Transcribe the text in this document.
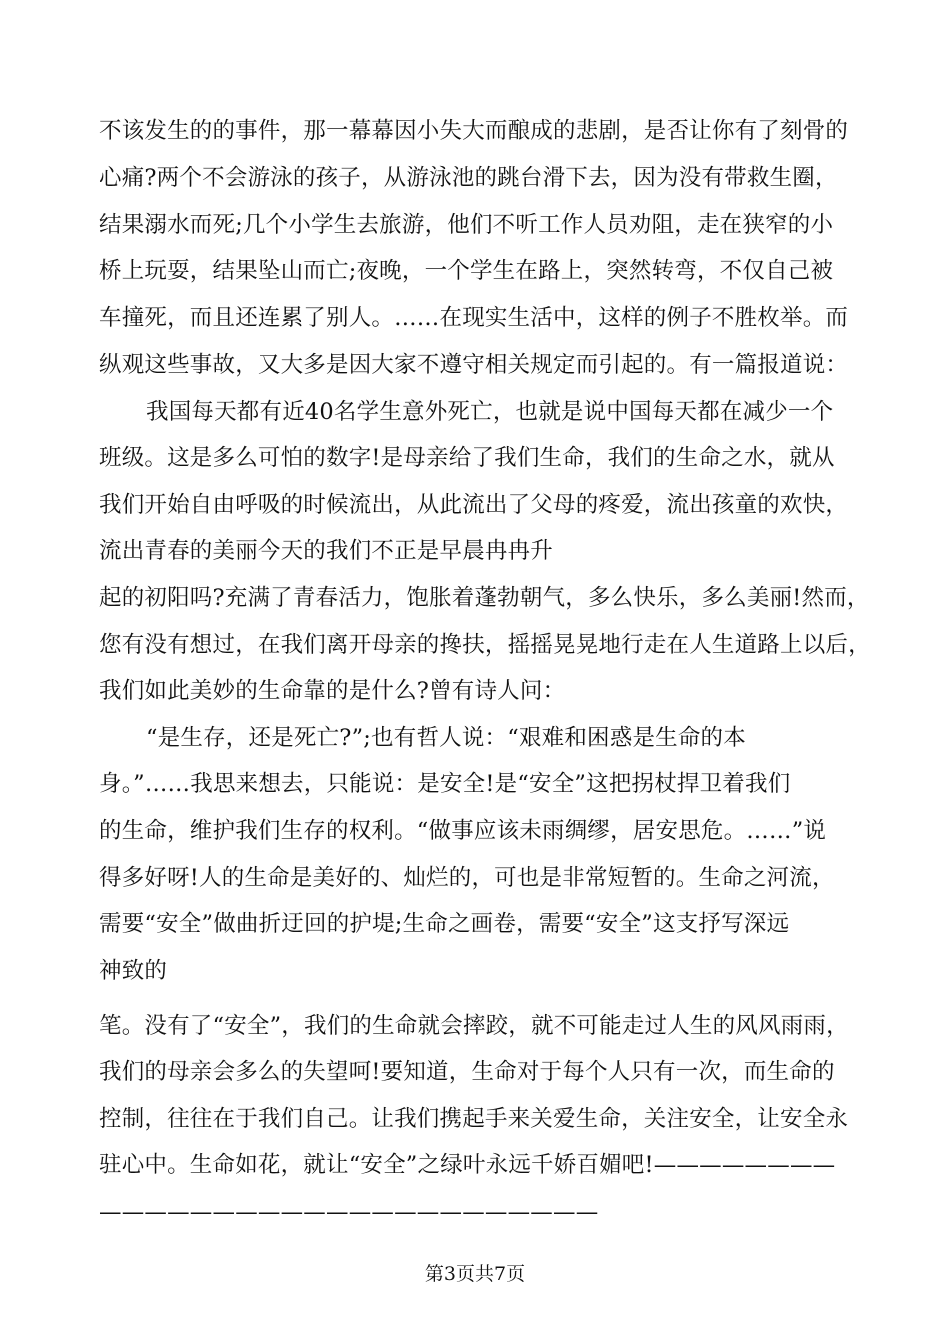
不该发生的的事件，那一幕幕因小失大而酿成的悲剧，是否让你有了刻骨的
心痛?两个不会游泳的孩子，从游泳池的跳台滑下去，因为没有带救生圈，
结果溺水而死;几个小学生去旅游，他们不听工作人员劝阻，走在狭窄的小
桥上玩耍，结果坠山而亡;夜晚，一个学生在路上，突然转弯，不仅自己被
车撞死，而且还连累了别人。……在现实生活中，这样的例子不胜枚举。而
纵观这些事故，又大多是因大家不遵守相关规定而引起的。有一篇报道说：
我国每天都有近40名学生意外死亡，也就是说中国每天都在减少一个
班级。这是多么可怕的数字!是母亲给了我们生命，我们的生命之水，就从
我们开始自由呼吸的时候流出，从此流出了父母的疼爱，流出孩童的欢快，
流出青春的美丽今天的我们不正是早晨冉冉升
起的初阳吗?充满了青春活力，饱胀着蓬勃朝气，多么快乐，多么美丽!然而，
您有没有想过，在我们离开母亲的搀扶，摇摇晃晃地行走在人生道路上以后，
我们如此美妙的生命靠的是什么?曾有诗人问：
“是生存，还是死亡?”;也有哲人说：“艰难和困惑是生命的本
身。”……我思来想去，只能说：是安全!是“安全”这把拐杖捍卫着我们
的生命，维护我们生存的权利。“做事应该未雨绸缪，居安思危。……”说
得多好呀!人的生命是美好的、灿烂的，可也是非常短暂的。生命之河流，
需要“安全”做曲折迂回的护堤;生命之画卷，需要“安全”这支抒写深远
神致的
笔。没有了“安全”，我们的生命就会摔跤，就不可能走过人生的风风雨雨，
我们的母亲会多么的失望呵!要知道，生命对于每个人只有一次，而生命的
控制，往往在于我们自己。让我们携起手来关爱生命，关注安全，让安全永
驻心中。生命如花，就让“安全”之绿叶永远千娇百媚吧!————————
——————————————————————
第3页共7页
